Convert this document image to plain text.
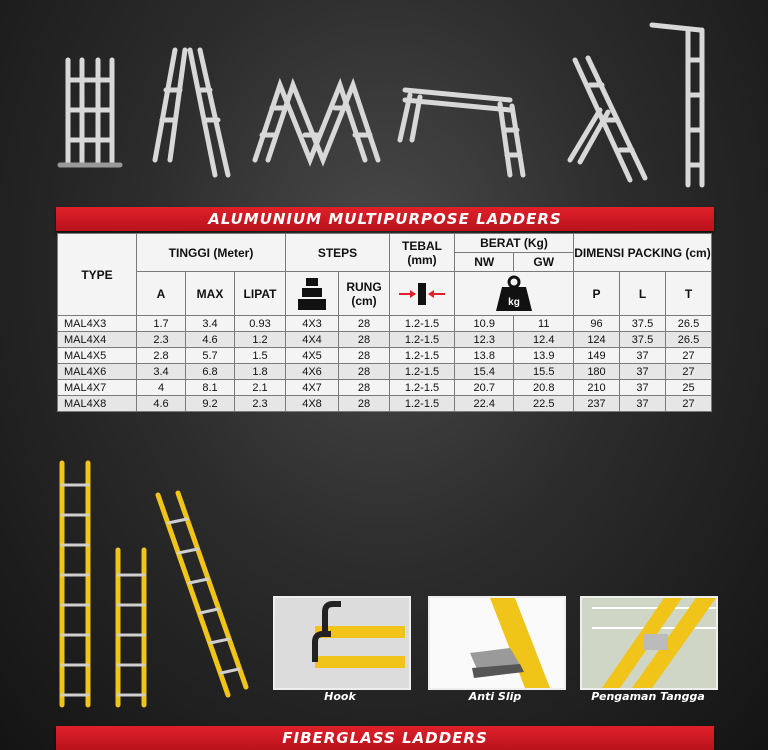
ALUMUNIUM MULTIPURPOSE LADDERS
TYPE	TINGGI (Meter)			STEPS		TEBAL (mm)	BERAT (Kg)		DIMENSI PACKING (cm)		
							NW	GW			
	A	MAX	LIPAT		RUNG (cm)		kg		P	L	T
MAL4X3	1.7	3.4	0.93	4X3	28	1.2-1.5	10.9	11	96	37.5	26.5
MAL4X4	2.3	4.6	1.2	4X4	28	1.2-1.5	12.3	12.4	124	37.5	26.5
MAL4X5	2.8	5.7	1.5	4X5	28	1.2-1.5	13.8	13.9	149	37	27
MAL4X6	3.4	6.8	1.8	4X6	28	1.2-1.5	15.4	15.5	180	37	27
MAL4X7	4	8.1	2.1	4X7	28	1.2-1.5	20.7	20.8	210	37	25
MAL4X8	4.6	9.2	2.3	4X8	28	1.2-1.5	22.4	22.5	237	37	27
Hook	Anti Slip	Pengaman Tangga
FIBERGLASS LADDERS
